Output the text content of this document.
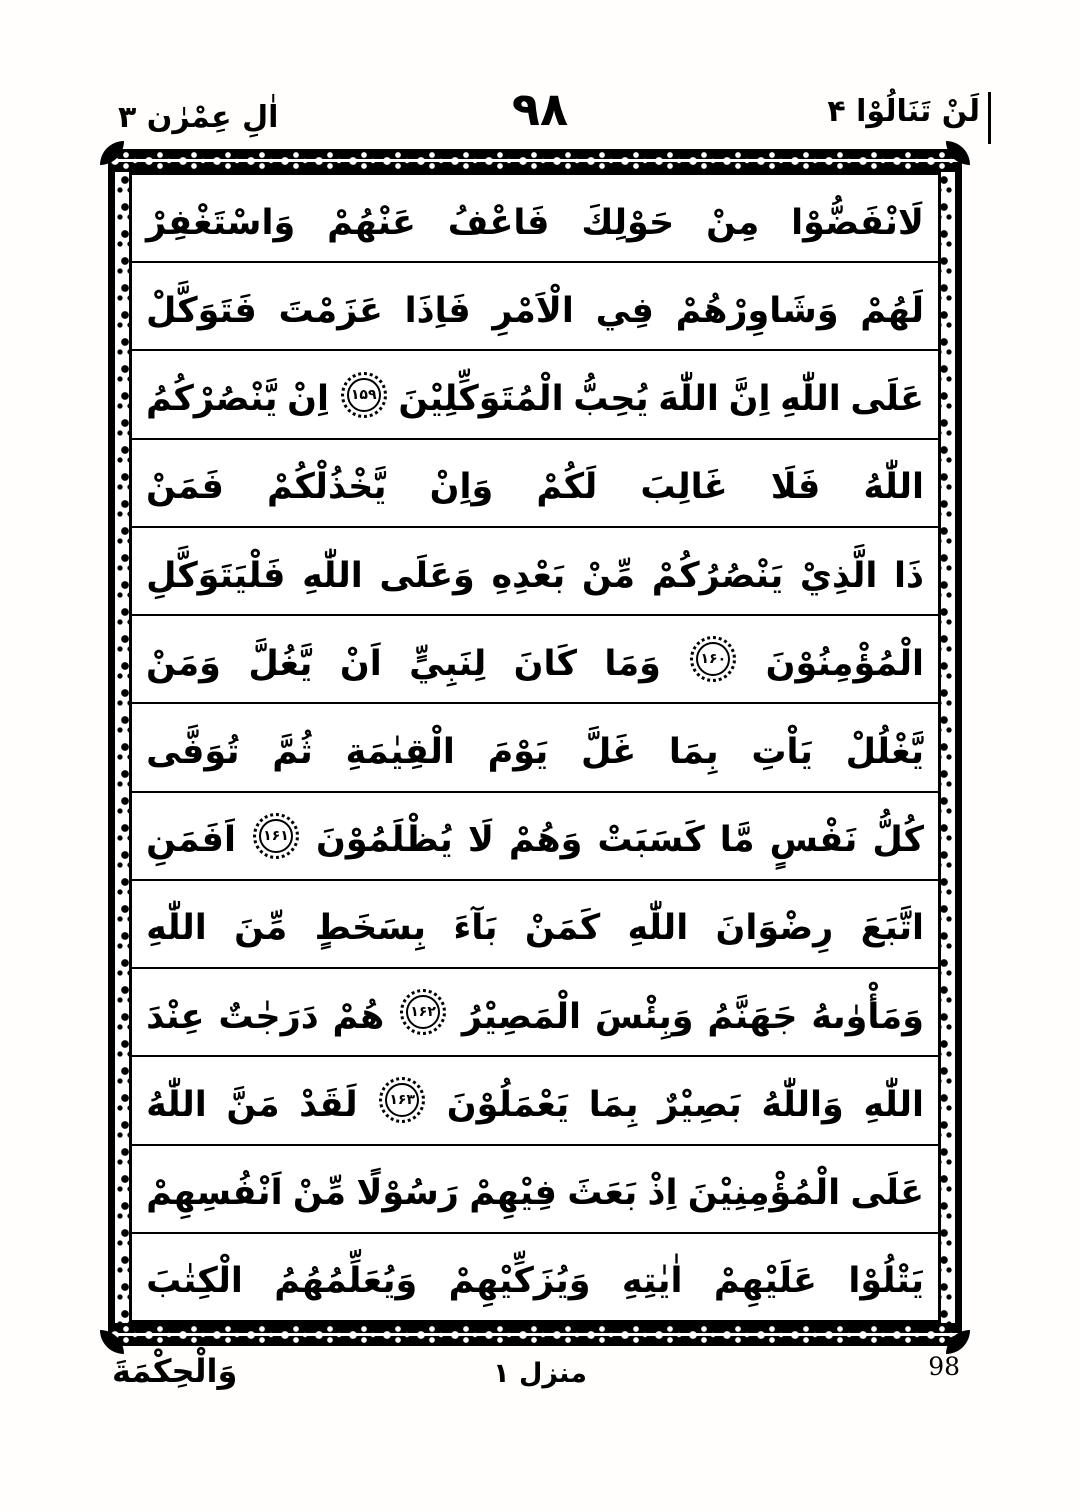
لَنْ تَنَالُوْا ۴
۹۸
اٰلِ عِمْرٰن ۳
لَانْفَضُّوْا
مِنْ
حَوْلِكَ
فَاعْفُ
عَنْهُمْ
وَاسْتَغْفِرْ
لَهُمْ
وَشَاوِرْهُمْ
فِي
الْاَمْرِ
فَاِذَا
عَزَمْتَ
فَتَوَكَّلْ
عَلَى
اللّٰهِ
اِنَّ
اللّٰهَ
يُحِبُّ
الْمُتَوَكِّلِيْنَ
۱۵۹
اِنْ
يَّنْصُرْكُمُ
اللّٰهُ
فَلَا
غَالِبَ
لَكُمْ
وَاِنْ
يَّخْذُلْكُمْ
فَمَنْ
ذَا
الَّذِيْ
يَنْصُرُكُمْ
مِّنْ
بَعْدِهِ
وَعَلَى
اللّٰهِ
فَلْيَتَوَكَّلِ
الْمُؤْمِنُوْنَ
۱۶۰
وَمَا
كَانَ
لِنَبِيٍّ
اَنْ
يَّغُلَّ
وَمَنْ
يَّغْلُلْ
يَاْتِ
بِمَا
غَلَّ
يَوْمَ
الْقِيٰمَةِ
ثُمَّ
تُوَفَّى
كُلُّ
نَفْسٍ
مَّا
كَسَبَتْ
وَهُمْ
لَا
يُظْلَمُوْنَ
۱۶۱
اَفَمَنِ
اتَّبَعَ
رِضْوَانَ
اللّٰهِ
كَمَنْ
بَآءَ
بِسَخَطٍ
مِّنَ
اللّٰهِ
وَمَأْوٰىهُ
جَهَنَّمُ
وَبِئْسَ
الْمَصِيْرُ
۱۶۲
هُمْ
دَرَجٰتٌ
عِنْدَ
اللّٰهِ
وَاللّٰهُ
بَصِيْرٌ
بِمَا
يَعْمَلُوْنَ
۱۶۳
لَقَدْ
مَنَّ
اللّٰهُ
عَلَى
الْمُؤْمِنِيْنَ
اِذْ
بَعَثَ
فِيْهِمْ
رَسُوْلًا
مِّنْ
اَنْفُسِهِمْ
يَتْلُوْا
عَلَيْهِمْ
اٰيٰتِهِ
وَيُزَكِّيْهِمْ
وَيُعَلِّمُهُمُ
الْكِتٰبَ
وَالْحِكْمَةَ	منزل ۱	98
